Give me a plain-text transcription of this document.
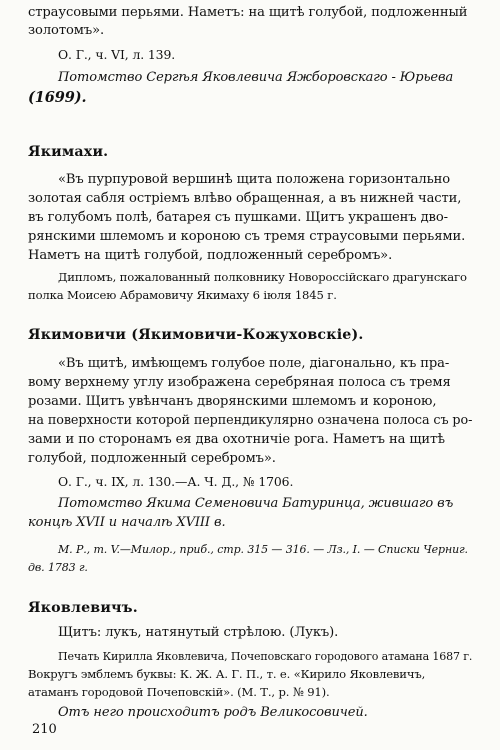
страусовыми перьями. Наметъ: на щитѣ голубой, подложенный
золотомъ».
О. Г., ч. VI, л. 139.
Потомство Сергѣя Яковлевича Яжборовскаго - Юрьева
(1699).
Якимахи.
«Въ пурпуровой вершинѣ щита положена горизонтально
золотая сабля остріемъ влѣво обращенная, а въ нижней части,
въ голубомъ полѣ, батарея съ пушками. Щитъ украшенъ дво-
рянскими шлемомъ и короною съ тремя страусовыми перьями.
Наметъ на щитѣ голубой, подложенный серебромъ».
Дипломъ, пожалованный полковнику Новороссійскаго драгунскаго
полка Моисею Абрамовичу Якимаху 6 іюля 1845 г.
Якимовичи (Якимовичи-Кожуховскіе).
«Въ щитѣ, имѣющемъ голубое поле, діагонально, къ пра-
вому верхнему углу изображена серебряная полоса съ тремя
розами. Щитъ увѣнчанъ дворянскими шлемомъ и короною,
на поверхности которой перпендикулярно означена полоса съ ро-
зами и по сторонамъ ея два охотничіе рога. Наметъ на щитѣ
голубой, подложенный серебромъ».
О. Г., ч. IX, л. 130.—А. Ч. Д., № 1706.
Потомство Якима Семеновича Батуринца, жившаго въ
концѣ XVII и началѣ XVIII в.
М. Р., т. V.—Милор., приб., стр. 315 — 316. — Лз., I. — Списки Черниг.
дв. 1783 г.
Яковлевичъ.
Щитъ: лукъ, натянутый стрѣлою. (Лукъ).
Печать Кирилла Яковлевича, Почеповскаго городового атамана 1687 г.
Вокругъ эмблемъ буквы: К. Ж. А. Г. П., т. е. «Кирило Яковлевичъ,
атаманъ городовой Почеповскій». (М. Т., р. № 91).
Отъ него происходитъ родъ Великосовичей.
210
